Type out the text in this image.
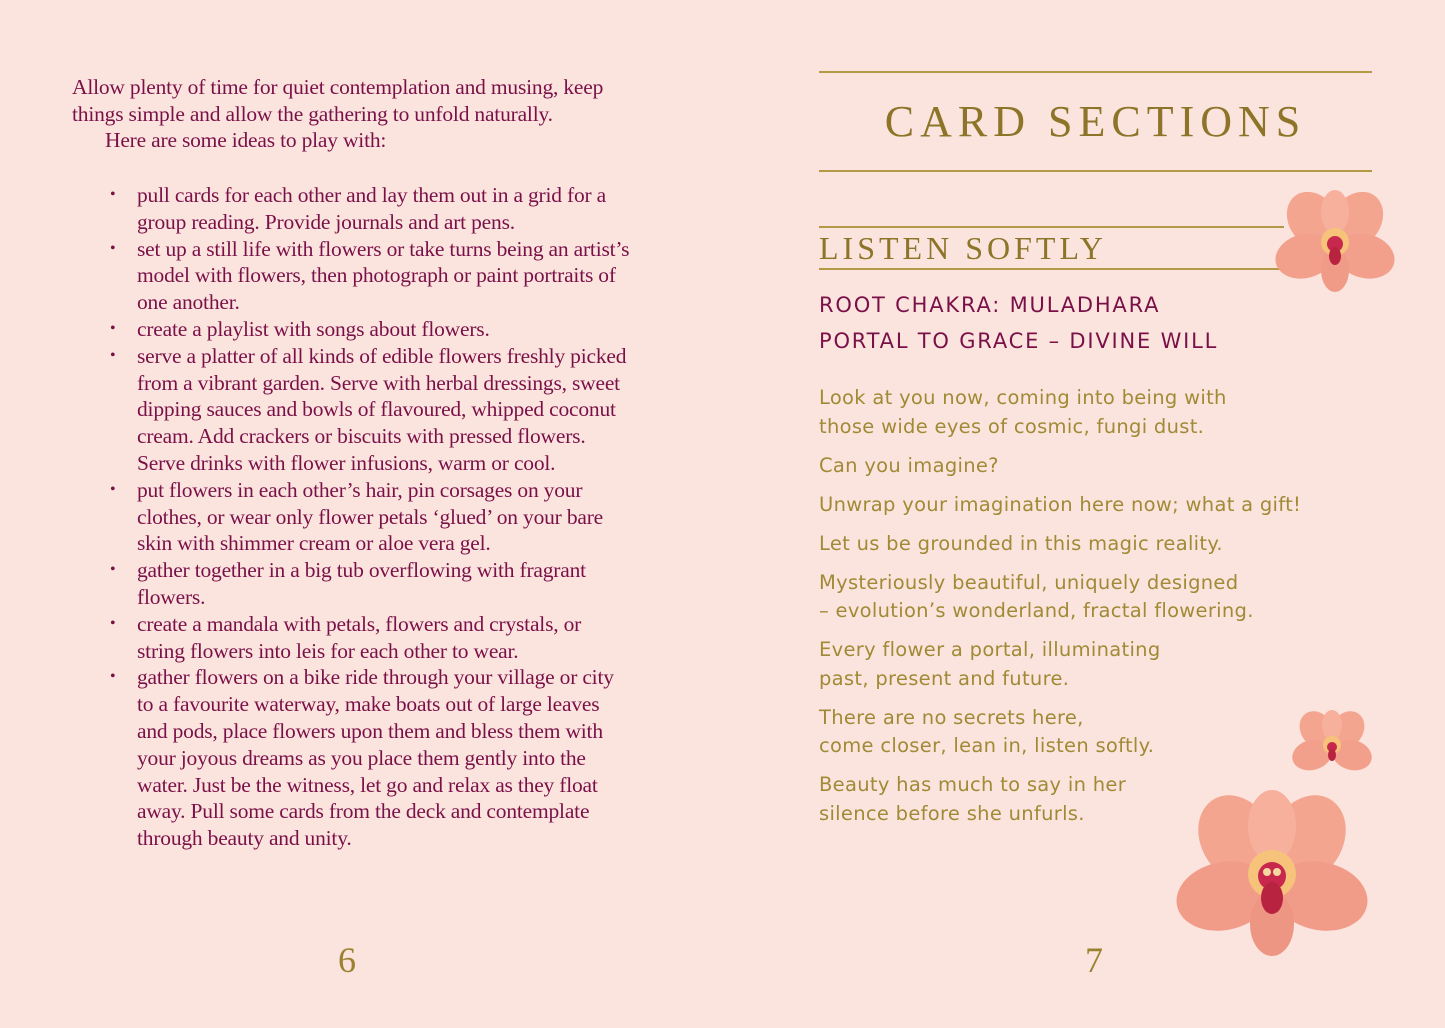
Allow plenty of time for quiet contemplation and musing, keep things simple and allow the gathering to unfold naturally.
Here are some ideas to play with:

• pull cards for each other and lay them out in a grid for a group reading. Provide journals and art pens.
• set up a still life with flowers or take turns being an artist’s model with flowers, then photograph or paint portraits of one another.
• create a playlist with songs about flowers.
• serve a platter of all kinds of edible flowers freshly picked from a vibrant garden. Serve with herbal dressings, sweet dipping sauces and bowls of flavoured, whipped coconut cream. Add crackers or biscuits with pressed flowers. Serve drinks with flower infusions, warm or cool.
• put flowers in each other’s hair, pin corsages on your clothes, or wear only flower petals ‘glued’ on your bare skin with shimmer cream or aloe vera gel.
• gather together in a big tub overflowing with fragrant flowers.
• create a mandala with petals, flowers and crystals, or string flowers into leis for each other to wear.
• gather flowers on a bike ride through your village or city to a favourite waterway, make boats out of large leaves and pods, place flowers upon them and bless them with your joyous dreams as you place them gently into the water. Just be the witness, let go and relax as they float away. Pull some cards from the deck and contemplate through beauty and unity.
6
CARD SECTIONS
LISTEN SOFTLY

ROOT CHAKRA: MULADHARA

PORTAL TO GRACE – DIVINE WILL

Look at you now, coming into being with
those wide eyes of cosmic, fungi dust.

Can you imagine?

Unwrap your imagination here now; what a gift!

Let us be grounded in this magic reality.

Mysteriously beautiful, uniquely designed
– evolution’s wonderland, fractal flowering.

Every flower a portal, illuminating
past, present and future.

There are no secrets here,
come closer, lean in, listen softly.

Beauty has much to say in her
silence before she unfurls.

7
